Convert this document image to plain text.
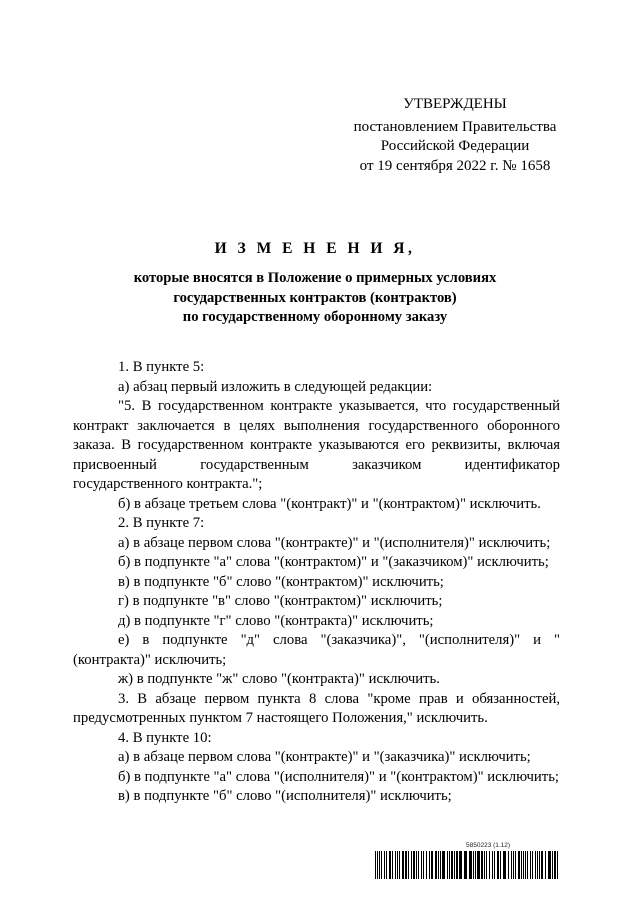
УТВЕРЖДЕНЫ
постановлением Правительства
Российской Федерации
от 19 сентября 2022 г. № 1658
И З М Е Н Е Н И Я,
которые вносятся в Положение о примерных условиях
государственных контрактов (контрактов)
по государственному оборонному заказу

1. В пункте 5:

а) абзац первый изложить в следующей редакции:

"5. В государственном контракте указывается, что государственный контракт заключается в целях выполнения государственного оборонного заказа. В государственном контракте указываются его реквизиты, включая присвоенный государственным заказчиком идентификатор

государственного контракта.";

б) в абзаце третьем слова "(контракт)" и "(контрактом)" исключить.

2. В пункте 7:

а) в абзаце первом слова "(контракте)" и "(исполнителя)" исключить;

б) в подпункте "а" слова "(контрактом)" и "(заказчиком)" исключить;

в) в подпункте "б" слово "(контрактом)" исключить;

г) в подпункте "в" слово "(контрактом)" исключить;

д) в подпункте "г" слово "(контракта)" исключить;

е) в подпункте "д" слова "(заказчика)", "(исполнителя)" и "(контракта)" исключить;

ж) в подпункте "ж" слово "(контракта)" исключить.

3. В абзаце первом пункта 8 слова "кроме прав и обязанностей, предусмотренных пунктом 7 настоящего Положения," исключить.

4. В пункте 10:

а) в абзаце первом слова "(контракте)" и "(заказчика)" исключить;

б) в подпункте "а" слова "(исполнителя)" и "(контрактом)" исключить;

в) в подпункте "б" слово "(исполнителя)" исключить;

5850223 (1.12)
